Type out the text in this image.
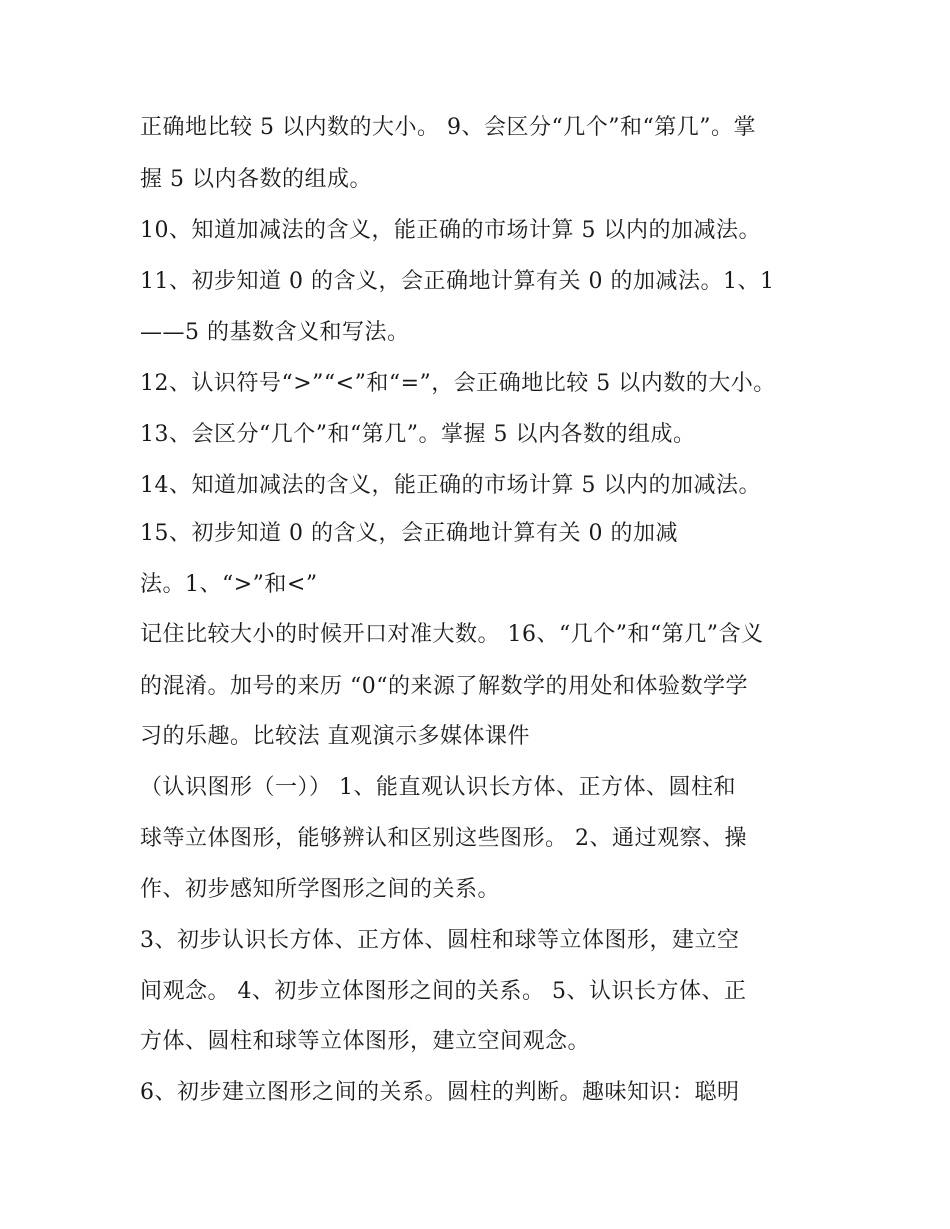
正确地比较 5 以内数的大小。 9、会区分“几个”和“第几”。掌
握 5 以内各数的组成。
10、知道加减法的含义，能正确的市场计算 5 以内的加减法。
11、初步知道 0 的含义，会正确地计算有关 0 的加减法。1、1
——5 的基数含义和写法。
12、认识符号“>”“<”和“=”，会正确地比较 5 以内数的大小。
13、会区分“几个”和“第几”。掌握 5 以内各数的组成。
14、知道加减法的含义，能正确的市场计算 5 以内的加减法。
15、初步知道 0 的含义，会正确地计算有关 0 的加减
法。1、“>”和<”
记住比较大小的时候开口对准大数。 16、“几个”和“第几”含义
的混淆。加号的来历 “0“的来源了解数学的用处和体验数学学
习的乐趣。比较法 直观演示多媒体课件
（认识图形（一）） 1、能直观认识长方体、正方体、圆柱和
球等立体图形，能够辨认和区别这些图形。 2、通过观察、操
作、初步感知所学图形之间的关系。
3、初步认识长方体、正方体、圆柱和球等立体图形，建立空
间观念。 4、初步立体图形之间的关系。 5、认识长方体、正
方体、圆柱和球等立体图形，建立空间观念。
6、初步建立图形之间的关系。圆柱的判断。趣味知识：聪明
